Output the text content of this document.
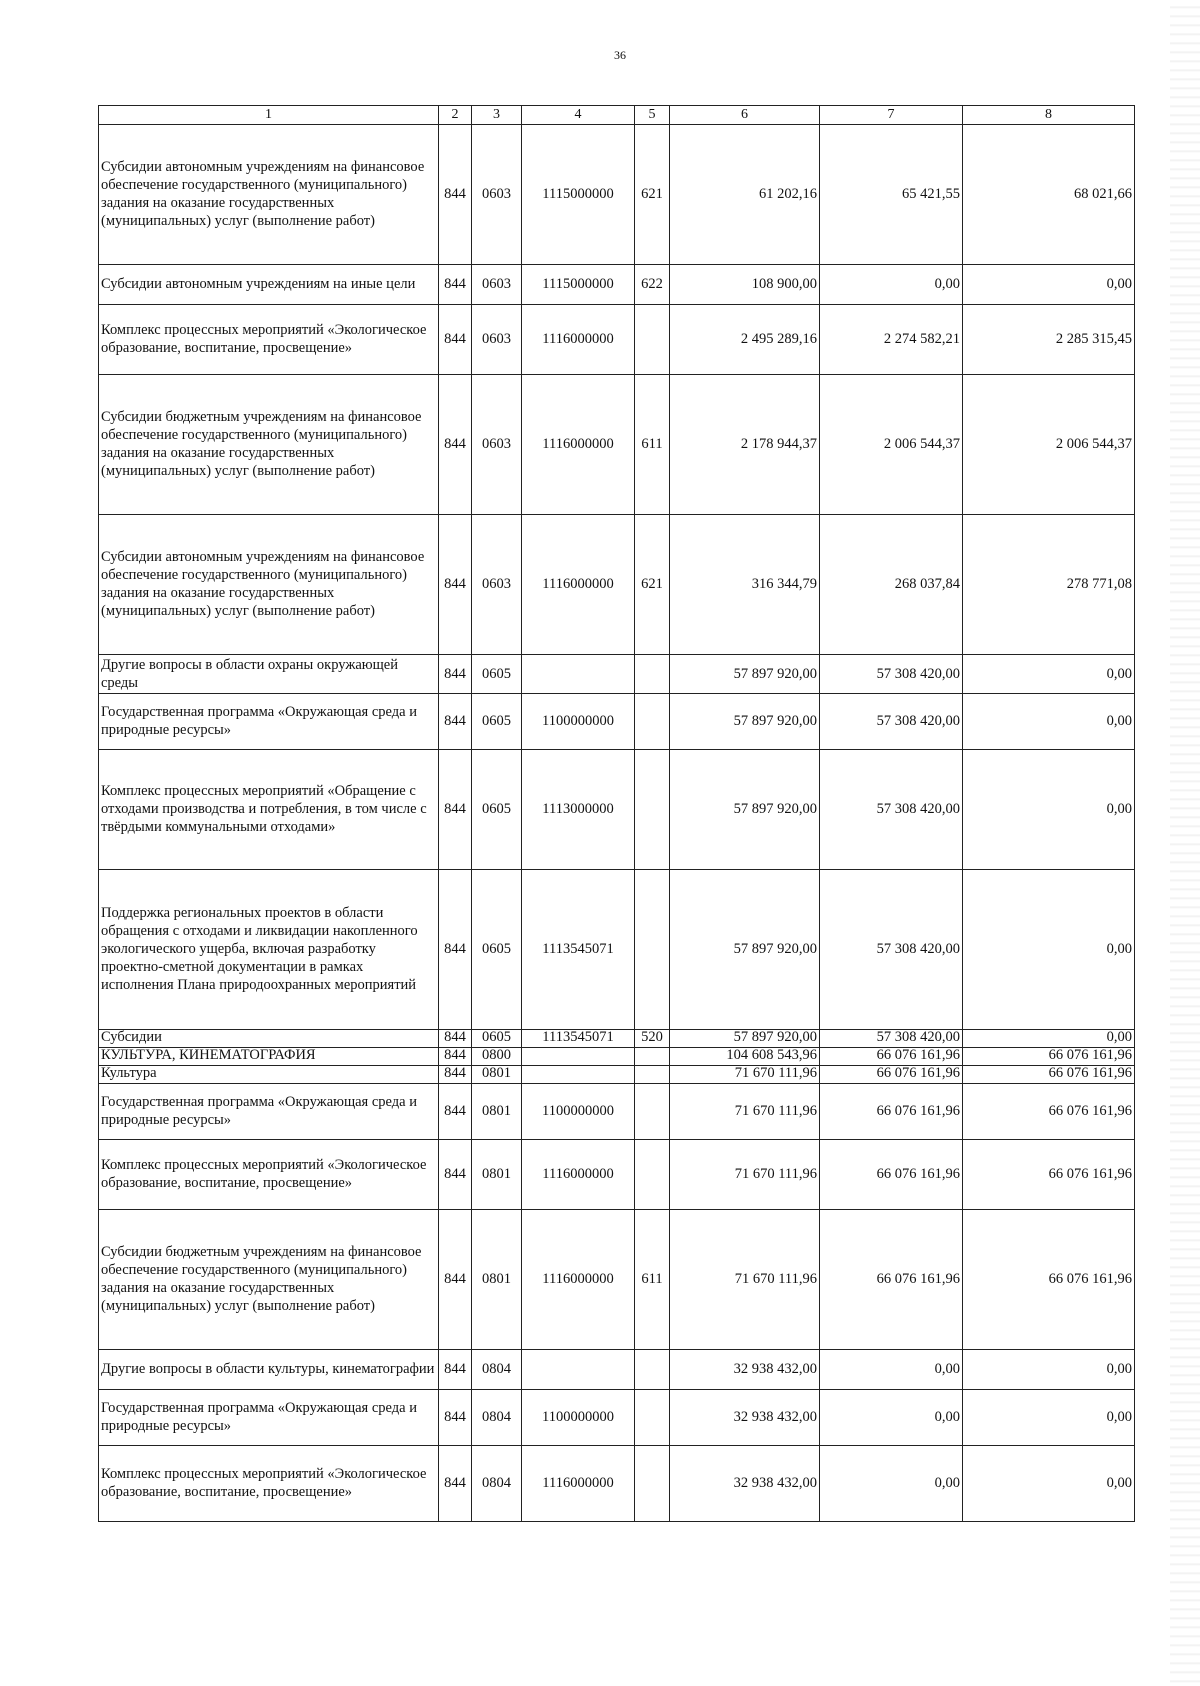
36
1	2	3	4	5	6	7	8
Субсидии автономным учреждениям на финансовое обеспечение государственного (муниципального) задания на оказание государственных (муниципальных) услуг (выполнение работ)	844	0603	1115000000	621	61 202,16	65 421,55	68 021,66
Субсидии автономным учреждениям на иные цели	844	0603	1115000000	622	108 900,00	0,00	0,00
Комплекс процессных мероприятий «Экологическое образование, воспитание, просвещение»	844	0603	1116000000		2 495 289,16	2 274 582,21	2 285 315,45
Субсидии бюджетным учреждениям на финансовое обеспечение государственного (муниципального) задания на оказание государственных (муниципальных) услуг (выполнение работ)	844	0603	1116000000	611	2 178 944,37	2 006 544,37	2 006 544,37
Субсидии автономным учреждениям на финансовое обеспечение государственного (муниципального) задания на оказание государственных (муниципальных) услуг (выполнение работ)	844	0603	1116000000	621	316 344,79	268 037,84	278 771,08
Другие вопросы в области охраны окружающей среды	844	0605			57 897 920,00	57 308 420,00	0,00
Государственная программа «Окружающая среда и природные ресурсы»	844	0605	1100000000		57 897 920,00	57 308 420,00	0,00
Комплекс процессных мероприятий «Обращение с отходами производства и потребления, в том числе с твёрдыми коммунальными отходами»	844	0605	1113000000		57 897 920,00	57 308 420,00	0,00
Поддержка региональных проектов в области обращения с отходами и ликвидации накопленного экологического ущерба, включая разработку проектно-сметной документации в рамках исполнения Плана природоохранных мероприятий	844	0605	1113545071		57 897 920,00	57 308 420,00	0,00
Субсидии	844	0605	1113545071	520	57 897 920,00	57 308 420,00	0,00
КУЛЬТУРА, КИНЕМАТОГРАФИЯ	844	0800			104 608 543,96	66 076 161,96	66 076 161,96
Культура	844	0801			71 670 111,96	66 076 161,96	66 076 161,96
Государственная программа «Окружающая среда и природные ресурсы»	844	0801	1100000000		71 670 111,96	66 076 161,96	66 076 161,96
Комплекс процессных мероприятий «Экологическое образование, воспитание, просвещение»	844	0801	1116000000		71 670 111,96	66 076 161,96	66 076 161,96
Субсидии бюджетным учреждениям на финансовое обеспечение государственного (муниципального) задания на оказание государственных (муниципальных) услуг (выполнение работ)	844	0801	1116000000	611	71 670 111,96	66 076 161,96	66 076 161,96
Другие вопросы в области культуры, кинематографии	844	0804			32 938 432,00	0,00	0,00
Государственная программа «Окружающая среда и природные ресурсы»	844	0804	1100000000		32 938 432,00	0,00	0,00
Комплекс процессных мероприятий «Экологическое образование, воспитание, просвещение»	844	0804	1116000000		32 938 432,00	0,00	0,00
